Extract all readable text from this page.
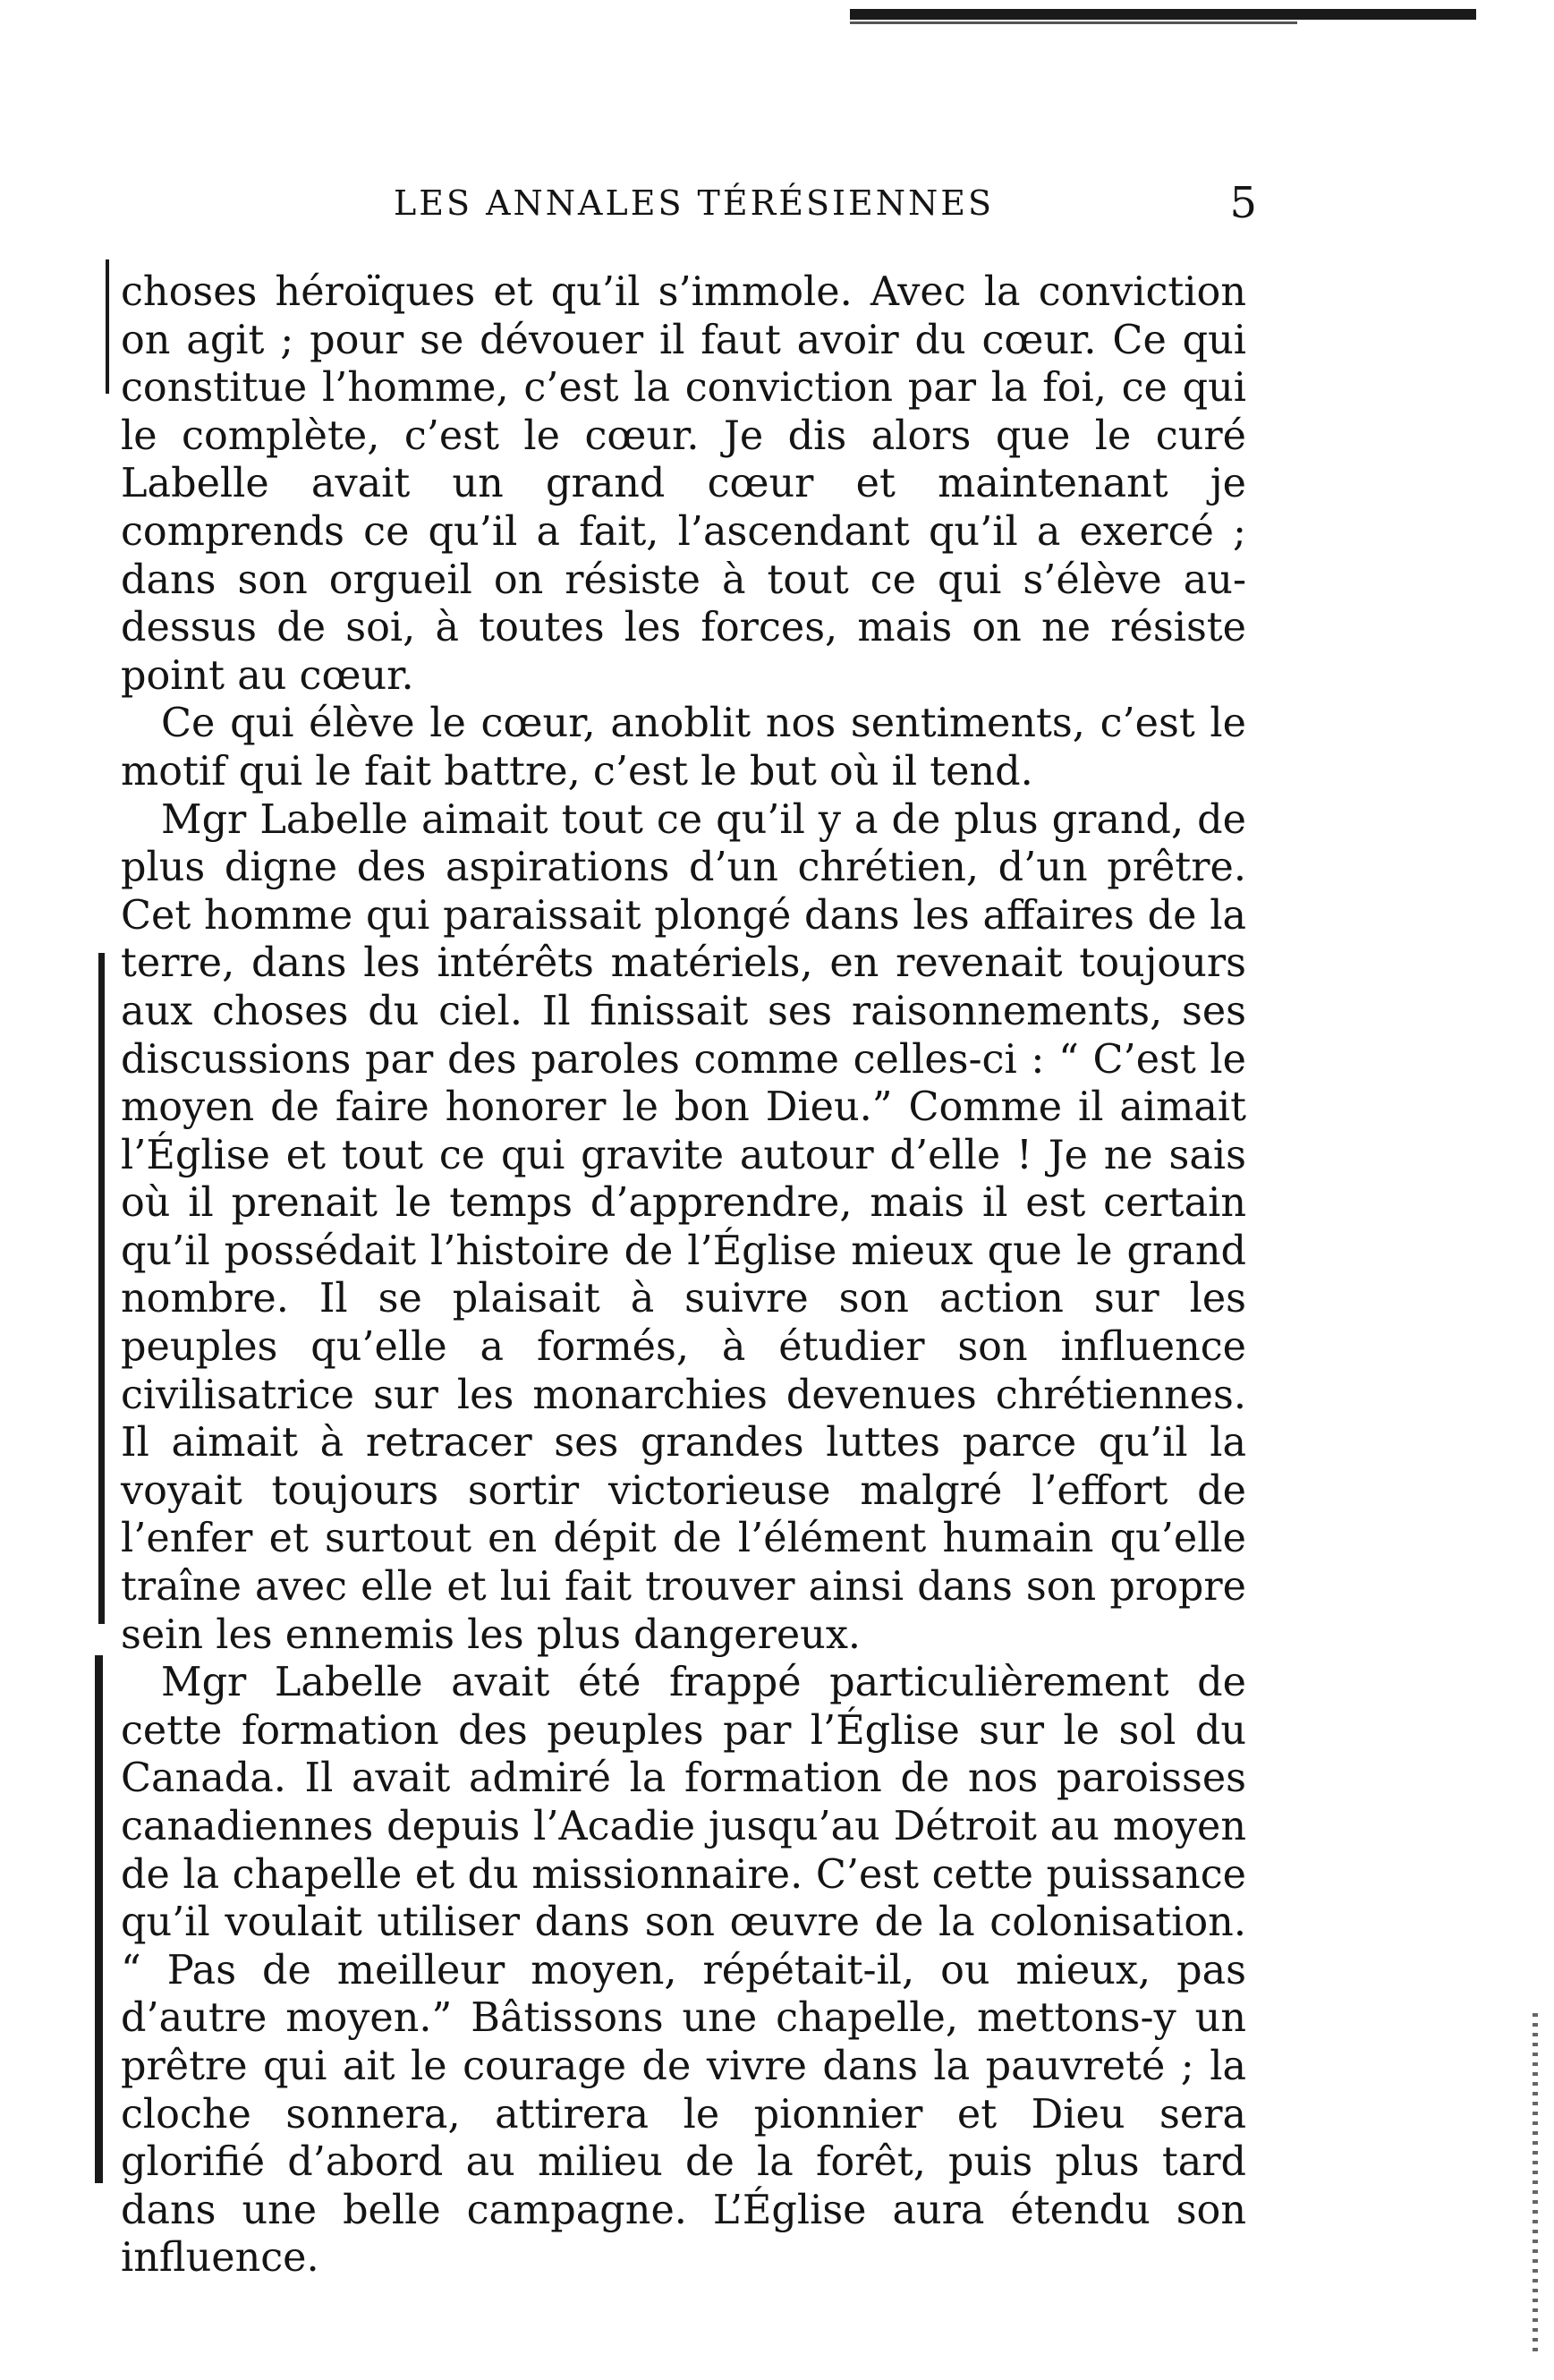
LES ANNALES TÉRÉSIENNES	5

choses héroïques et qu’il s’immole. Avec la conviction on agit ; pour se dévouer il faut avoir du cœur. Ce qui constitue l’homme, c’est la conviction par la foi, ce qui le complète, c’est le cœur. Je dis alors que le curé Labelle avait un grand cœur et maintenant je comprends ce qu’il a fait, l’ascendant qu’il a exercé ; dans son orgueil on résiste à tout ce qui s’élève au-dessus de soi, à toutes les forces, mais on ne résiste point au cœur.

Ce qui élève le cœur, anoblit nos sentiments, c’est le motif qui le fait battre, c’est le but où il tend.

Mgr Labelle aimait tout ce qu’il y a de plus grand, de plus digne des aspirations d’un chrétien, d’un prêtre. Cet homme qui paraissait plongé dans les affaires de la terre, dans les intérêts matériels, en revenait toujours aux choses du ciel. Il finissait ses raisonnements, ses discussions par des paroles comme celles-ci : “ C’est le moyen de faire honorer le bon Dieu.” Comme il aimait l’Église et tout ce qui gravite autour d’elle ! Je ne sais où il prenait le temps d’apprendre, mais il est certain qu’il possédait l’histoire de l’Église mieux que le grand nombre. Il se plaisait à suivre son action sur les peuples qu’elle a formés, à étudier son influence civilisatrice sur les monarchies devenues chrétiennes. Il aimait à retracer ses grandes luttes parce qu’il la voyait toujours sortir victorieuse malgré l’effort de l’enfer et surtout en dépit de l’élément humain qu’elle traîne avec elle et lui fait trouver ainsi dans son propre sein les ennemis les plus dangereux.

Mgr Labelle avait été frappé particulièrement de cette formation des peuples par l’Église sur le sol du Canada. Il avait admiré la formation de nos paroisses canadiennes depuis l’Acadie jusqu’au Détroit au moyen de la chapelle et du missionnaire. C’est cette puissance qu’il voulait utiliser dans son œuvre de la colonisation. “ Pas de meilleur moyen, répétait-il, ou mieux, pas d’autre moyen.” Bâtissons une chapelle, mettons-y un prêtre qui ait le courage de vivre dans la pauvreté ; la cloche sonnera, attirera le pionnier et Dieu sera glorifié d’abord au milieu de la forêt, puis plus tard dans une belle campagne. L’Église aura étendu son influence.
